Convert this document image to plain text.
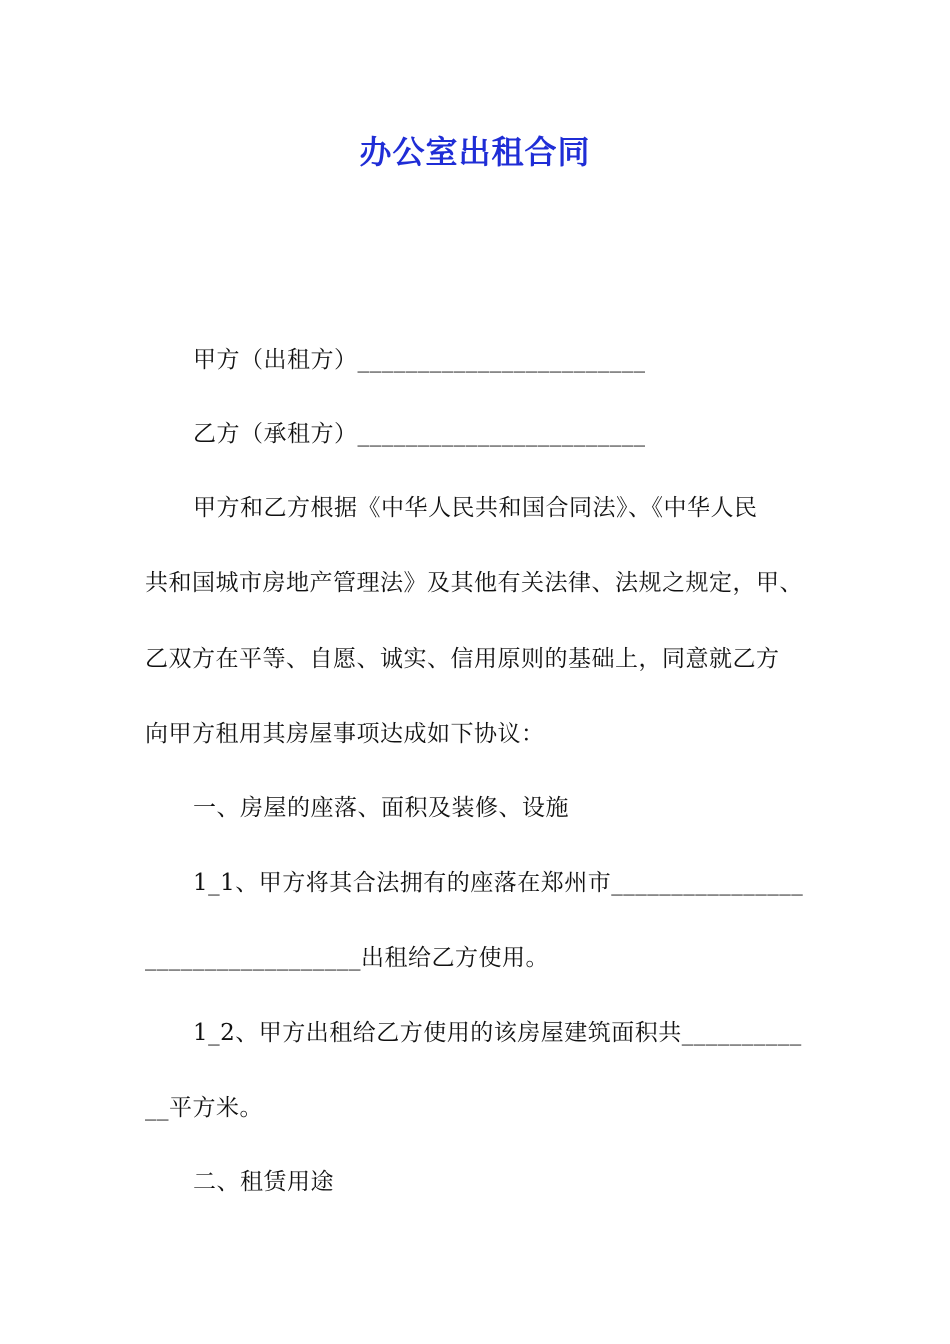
办公室出租合同
甲方（出租方）________________________
乙方（承租方）________________________
甲方和乙方根据《中华人民共和国合同法》、《中华人民
共和国城市房地产管理法》及其他有关法律、法规之规定，甲、
乙双方在平等、自愿、诚实、信用原则的基础上，同意就乙方
向甲方租用其房屋事项达成如下协议：
一、房屋的座落、面积及装修、设施
1_1、甲方将其合法拥有的座落在郑州市________________
__________________出租给乙方使用。
1_2、甲方出租给乙方使用的该房屋建筑面积共__________
__平方米。
二、租赁用途
